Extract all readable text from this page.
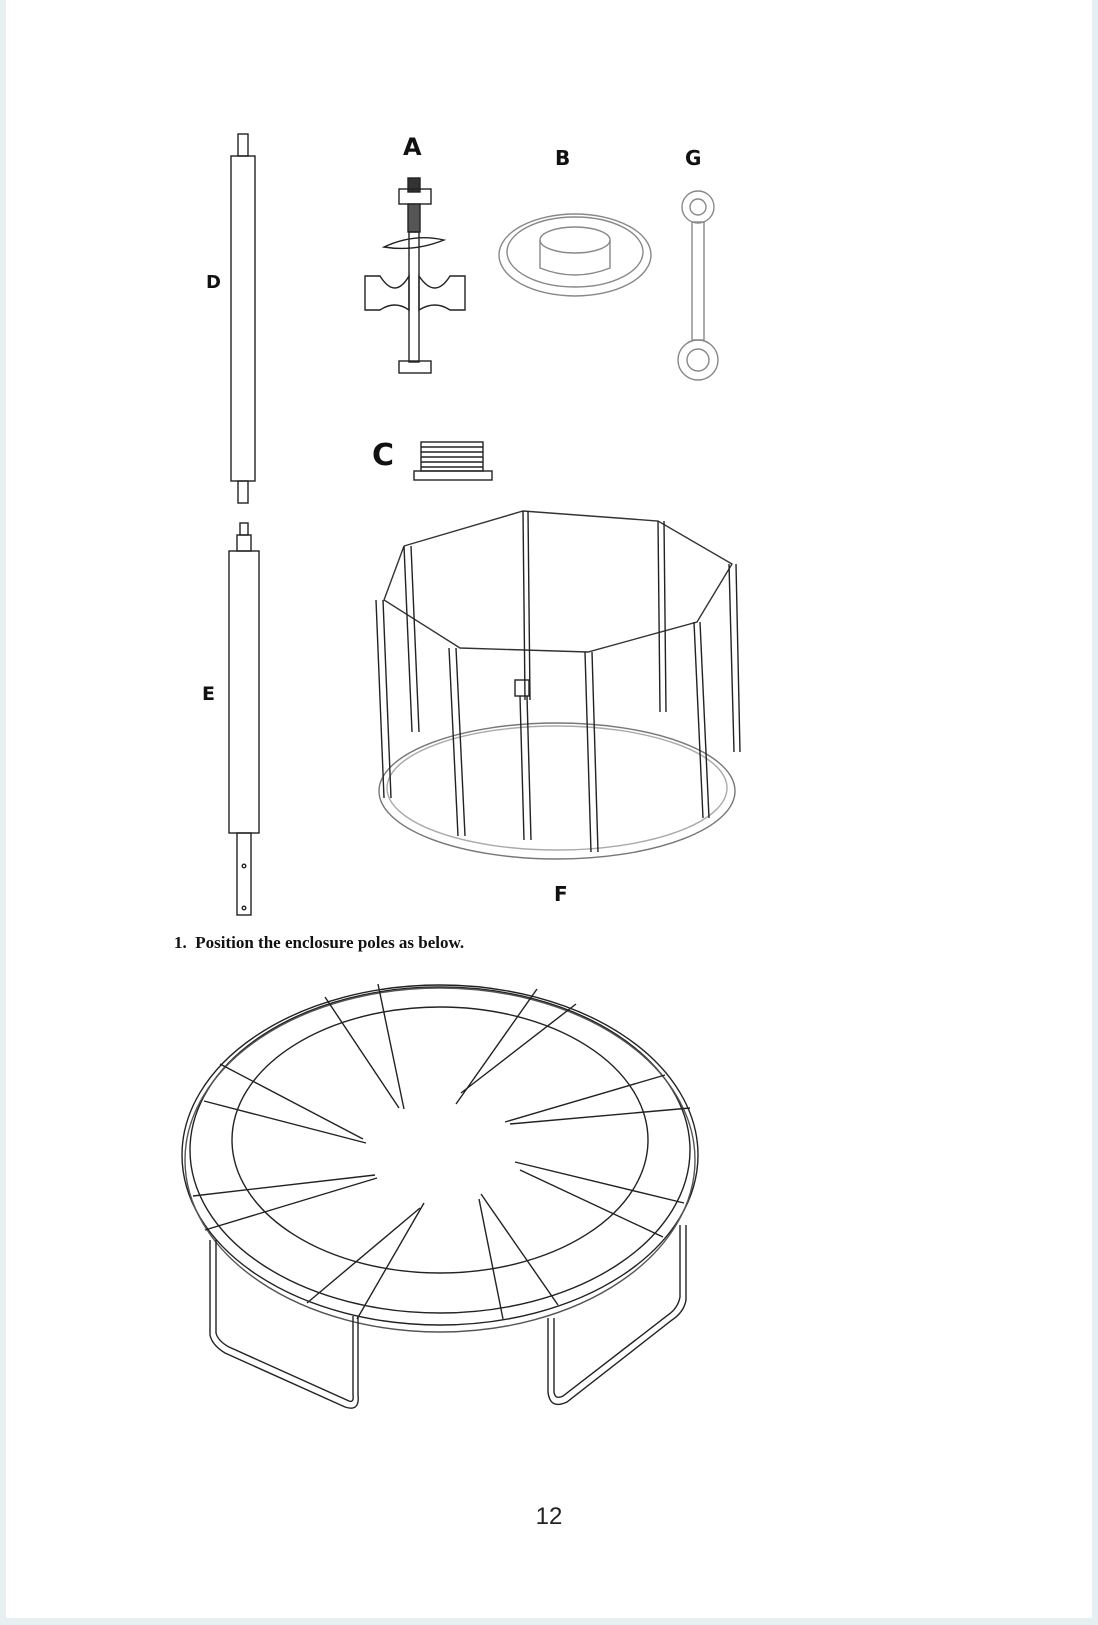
A	B	G
D
C
E
F
1. Position the enclosure poles as below.
12
